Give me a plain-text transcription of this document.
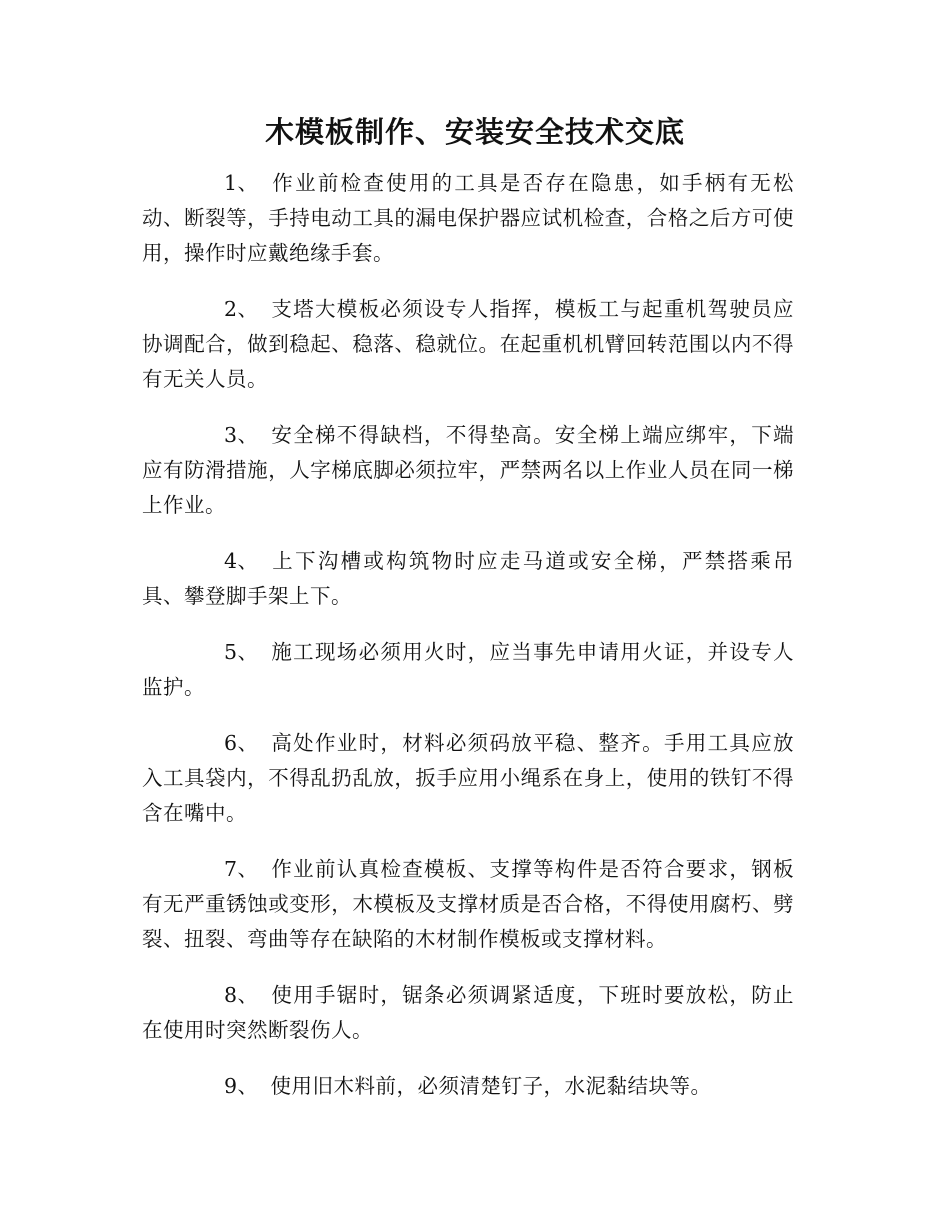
木模板制作、安装安全技术交底

1、 作业前检查使用的工具是否存在隐患，如手柄有无松动、断裂等，手持电动工具的漏电保护器应试机检查，合格之后方可使用，操作时应戴绝缘手套。

2、 支塔大模板必须设专人指挥，模板工与起重机驾驶员应协调配合，做到稳起、稳落、稳就位。在起重机机臂回转范围以内不得有无关人员。

3、 安全梯不得缺档，不得垫高。安全梯上端应绑牢，下端应有防滑措施，人字梯底脚必须拉牢，严禁两名以上作业人员在同一梯上作业。

4、 上下沟槽或构筑物时应走马道或安全梯，严禁搭乘吊具、攀登脚手架上下。

5、 施工现场必须用火时，应当事先申请用火证，并设专人监护。

6、 高处作业时，材料必须码放平稳、整齐。手用工具应放入工具袋内，不得乱扔乱放，扳手应用小绳系在身上，使用的铁钉不得含在嘴中。

7、 作业前认真检查模板、支撑等构件是否符合要求，钢板有无严重锈蚀或变形，木模板及支撑材质是否合格，不得使用腐朽、劈裂、扭裂、弯曲等存在缺陷的木材制作模板或支撑材料。

8、 使用手锯时，锯条必须调紧适度，下班时要放松，防止在使用时突然断裂伤人。

9、 使用旧木料前，必须清楚钉子，水泥黏结块等。
